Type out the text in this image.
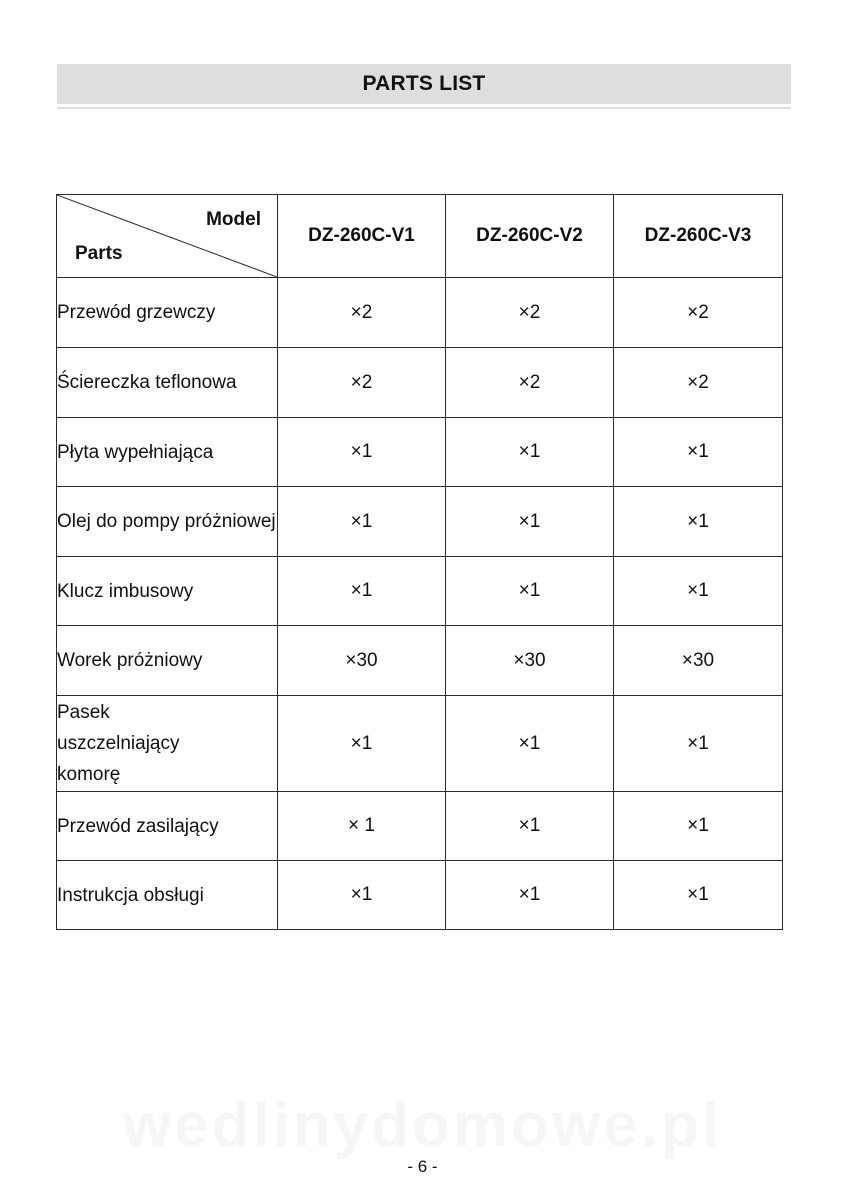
PARTS LIST
Model
Parts	DZ-260C-V1	DZ-260C-V2	DZ-260C-V3
Przewód grzewczy	×2	×2	×2
Ściereczka teflonowa	×2	×2	×2
Płyta wypełniająca	×1	×1	×1
Olej do pompy próżniowej	×1	×1	×1
Klucz imbusowy	×1	×1	×1
Worek próżniowy	×30	×30	×30
Pasek uszczelniający komorę	×1	×1	×1
Przewód zasilający	× 1	×1	×1
Instrukcja obsługi	×1	×1	×1
wedlinydomowe.pl
- 6 -
